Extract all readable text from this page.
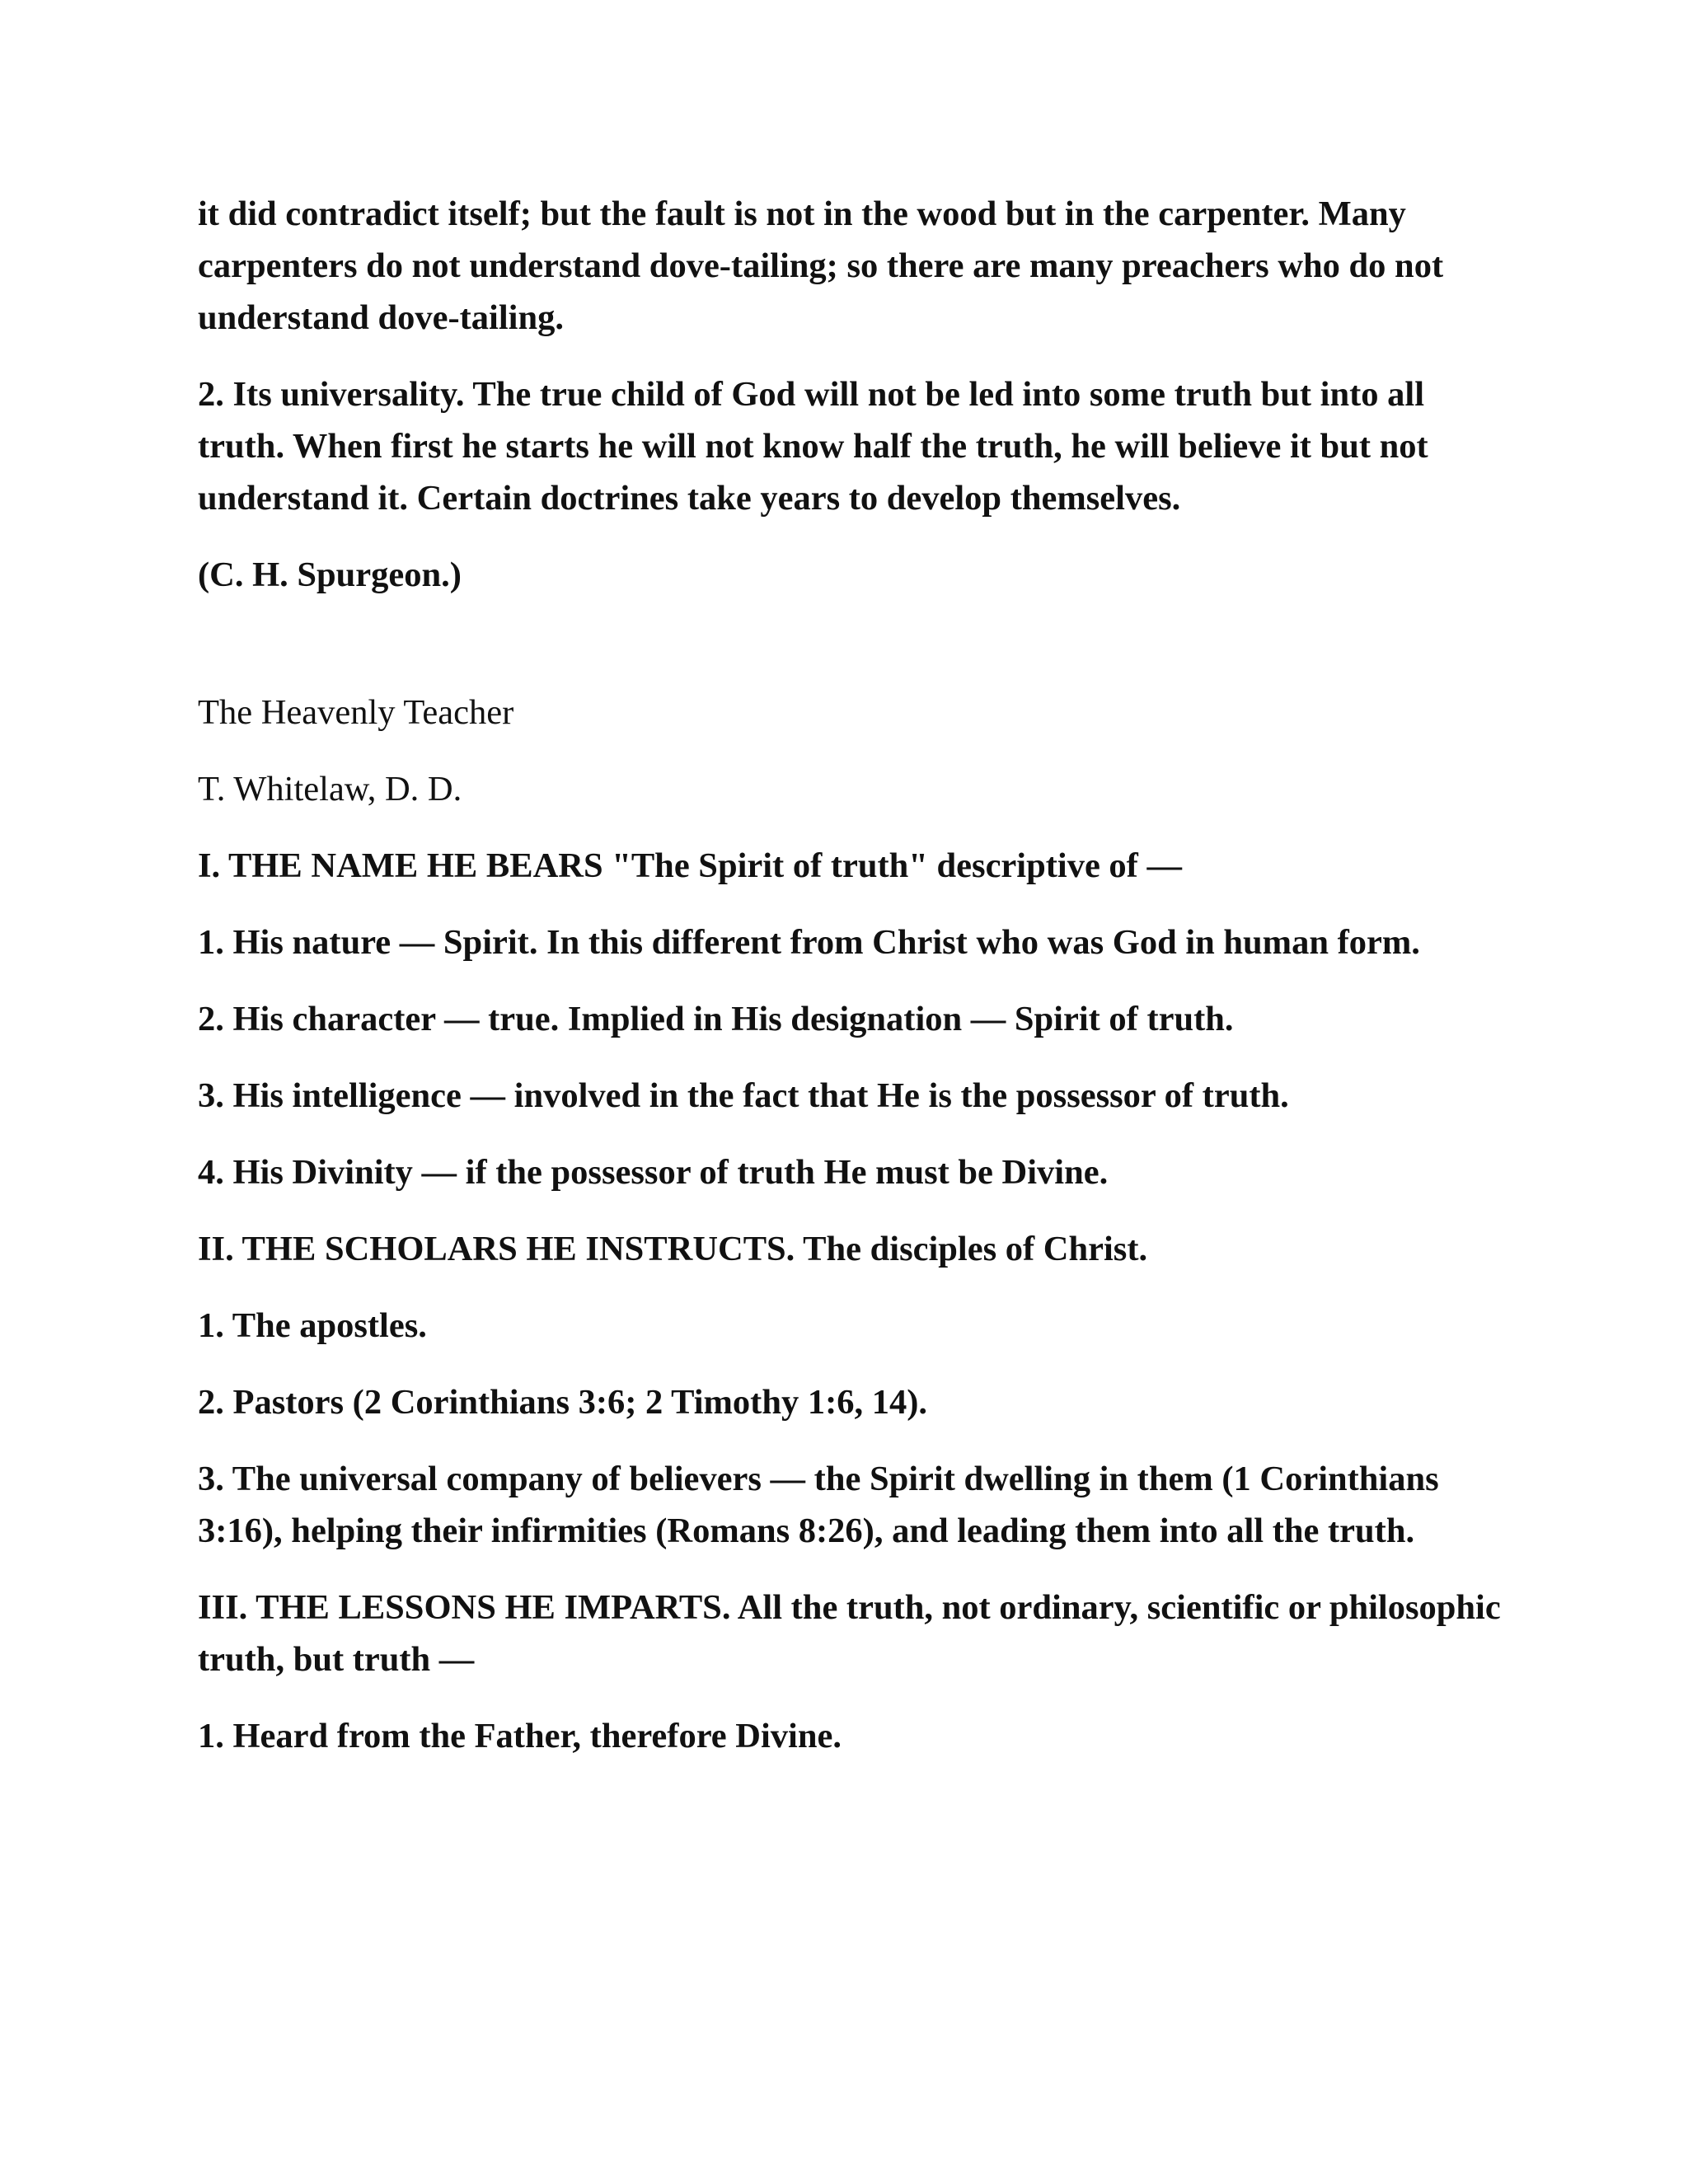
it did contradict itself; but the fault is not in the wood but in the carpenter. Many carpenters do not understand dove-tailing; so there are many preachers who do not understand dove-tailing.

2. Its universality. The true child of God will not be led into some truth but into all truth. When first he starts he will not know half the truth, he will believe it but not understand it. Certain doctrines take years to develop themselves.

(C. H. Spurgeon.)

The Heavenly Teacher

T. Whitelaw, D. D.

I. THE NAME HE BEARS "The Spirit of truth" descriptive of —

1. His nature — Spirit. In this different from Christ who was God in human form.

2. His character — true. Implied in His designation — Spirit of truth.

3. His intelligence — involved in the fact that He is the possessor of truth.

4. His Divinity — if the possessor of truth He must be Divine.

II. THE SCHOLARS HE INSTRUCTS. The disciples of Christ.

1. The apostles.

2. Pastors (2 Corinthians 3:6; 2 Timothy 1:6, 14).

3. The universal company of believers — the Spirit dwelling in them (1 Corinthians 3:16), helping their infirmities (Romans 8:26), and leading them into all the truth.

III. THE LESSONS HE IMPARTS. All the truth, not ordinary, scientific or philosophic truth, but truth —

1. Heard from the Father, therefore Divine.
